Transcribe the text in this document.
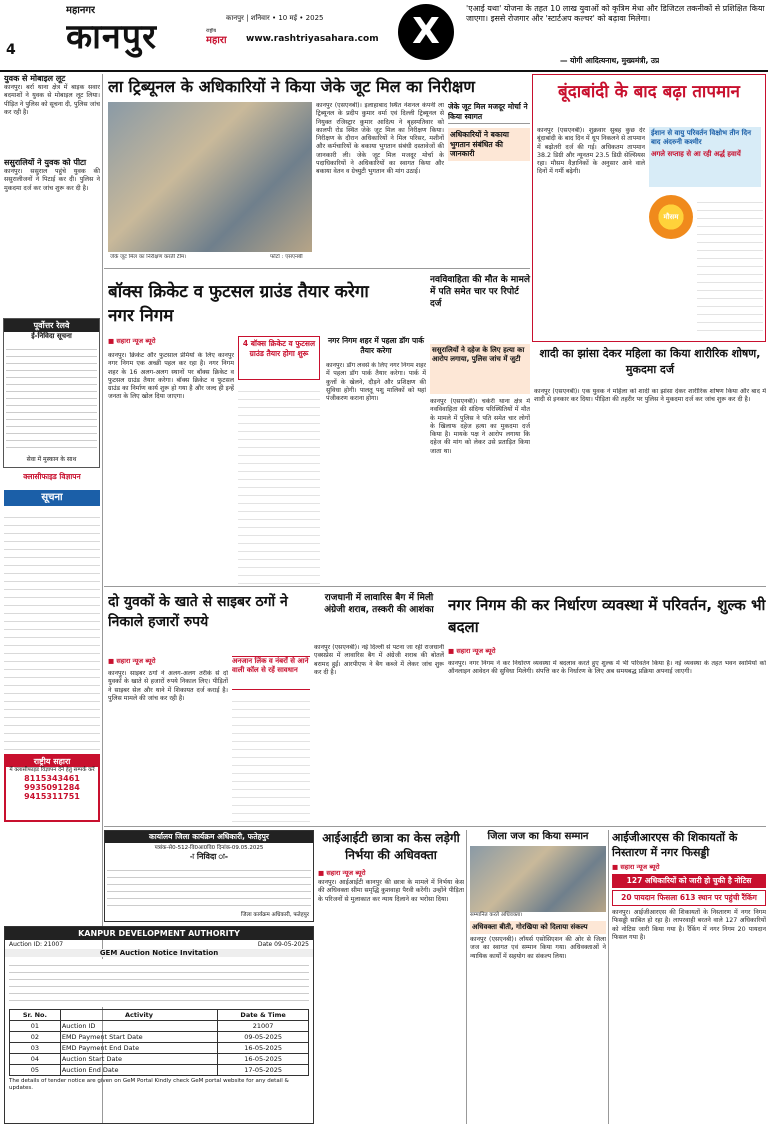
4
महानगर
कानपुर	कानपुर | शनिवार • 10 मई • 2025
राष्ट्रीय
महारा www.rashtriyasahara.com X
'एआई यथा' योजना के तहत 10 लाख युवाओं को कृत्रिम मेधा और डिजिटल तकनीकों से प्रशिक्षित किया जाएगा। इससे रोजगार और 'स्टार्टअप कल्चर' को बढ़ावा मिलेगा।
— योगी आदित्यनाथ, मुख्यमंत्री, उप्र
युवक से मोबाइल लूट
कानपुर। बर्रा थाना क्षेत्र में बाइक सवार बदमाशों ने युवक से मोबाइल लूट लिया। पीड़ित ने पुलिस को सूचना दी, पुलिस जांच कर रही है।
ससुरालियों ने युवक को पीटा
कानपुर। ससुराल पहुंचे युवक की ससुरालीजनों ने पिटाई कर दी। पुलिस ने मुकदमा दर्ज कर जांच शुरू कर दी है।
पूर्वोत्तर रेलवे
ई-निविदा सूचना
सेवा में मुस्कान के साथ
क्लासीफाइड विज्ञापन
सूचना
राष्ट्रीय सहारा
में क्लासीफाइड विज्ञापन देने हेतु सम्पर्क करें
8115343461
9935091284
9415311751
ला ट्रिब्यूनल के अधिकारियों ने किया जेके जूट मिल का निरीक्षण
जेके जूट मिल का निरीक्षण करती टीम।	फोटो : एसएनबी
कानपुर (एसएनबी)। इलाहाबाद स्थित नेशनल कंपनी ला ट्रिब्यूनल के प्रदीप कुमार वर्मा एवं दिल्ली ट्रिब्यूनल से नियुक्त रजिस्ट्रार कुमार आदित्य ने बृहस्पतिवार को कालपी रोड स्थित जेके जूट मिल का निरीक्षण किया। निरीक्षण के दौरान अधिकारियों ने मिल परिसर, मशीनों और कर्मचारियों के बकाया भुगतान संबंधी दस्तावेजों की जानकारी ली। जेके जूट मिल मजदूर मोर्चा के पदाधिकारियों ने अधिकारियों का स्वागत किया और बकाया वेतन व ग्रेच्युटी भुगतान की मांग उठाई।
जेके जूट मिल मजदूर मोर्चा ने किया स्वागत
अधिकारियों ने बकाया भुगतान संबंधित की जानकारी
बूंदाबांदी के बाद बढ़ा तापमान
कानपुर (एसएनबी)। शुक्रवार सुबह कुछ देर बूंदाबांदी के बाद दिन में धूप निकलने से तापमान में बढ़ोतरी दर्ज की गई। अधिकतम तापमान 38.2 डिग्री और न्यूनतम 23.5 डिग्री सेल्सियस रहा। मौसम वैज्ञानिकों के अनुसार आने वाले दिनों में गर्मी बढ़ेगी।
ईशान से वायु परिवर्तन विक्षोभ तीन दिन बाद अंदरुनी कश्मीर
अगले सप्ताह से आ रही अर्द्ध हवायें
मौसम
बॉक्स क्रिकेट व फुटसल ग्राउंड तैयार करेगा नगर निगम
■ सहारा न्यूज ब्यूरो
कानपुर। क्रिकेट और फुटसाल प्रेमियों के लिए कानपुर नगर निगम एक अच्छी पहल कर रहा है। नगर निगम शहर के 16 अलग-अलग स्थानों पर बॉक्स क्रिकेट व फुटसल ग्राउंड तैयार करेगा। बॉक्स क्रिकेट व फुटसल ग्राउंड का निर्माण कार्य शुरू हो गया है और जल्द ही इन्हें जनता के लिए खोल दिया जाएगा।
4 बॉक्स क्रिकेट व फुटसल ग्राउंड तैयार होगा शुरू
नगर निगम शहर में पहला डॉग पार्क तैयार करेगा
कानपुर। डॉग लवर्स के लिए नगर निगम शहर में पहला डॉग पार्क तैयार करेगा। पार्क में कुत्तों के खेलने, दौड़ने और प्रशिक्षण की सुविधा होगी। पालतू पशु मालिकों को यहां पंजीकरण कराना होगा।
नवविवाहिता की मौत के मामले में पति समेत चार पर रिपोर्ट दर्ज
ससुरालियों ने दहेज के लिए हत्या का आरोप लगाया, पुलिस जांच में जुटी
कानपुर (एसएनबी)। चकेरी थाना क्षेत्र में नवविवाहिता की संदिग्ध परिस्थितियों में मौत के मामले में पुलिस ने पति समेत चार लोगों के खिलाफ दहेज हत्या का मुकदमा दर्ज किया है। मायके पक्ष ने आरोप लगाया कि दहेज की मांग को लेकर उसे प्रताड़ित किया जाता था।
शादी का झांसा देकर महिला का किया शारीरिक शोषण, मुकदमा दर्ज
कानपुर (एसएनबी)। एक युवक ने महिला को शादी का झांसा देकर शारीरिक शोषण किया और बाद में शादी से इनकार कर दिया। पीड़िता की तहरीर पर पुलिस ने मुकदमा दर्ज कर जांच शुरू कर दी है।
दो युवकों के खाते से साइबर ठगों ने निकाले हजारों रुपये
■ सहारा न्यूज ब्यूरो	अनजान लिंक व नंबरों से आने वाली कॉल से रहें सावधान
कानपुर। साइबर ठगों ने अलग-अलग तरीके से दो युवकों के खाते से हजारों रुपये निकाल लिए। पीड़ितों ने साइबर सेल और थाने में शिकायत दर्ज कराई है। पुलिस मामले की जांच कर रही है।
राजधानी में लावारिस बैग में मिली अंग्रेजी शराब, तस्करी की आशंका
कानपुर (एसएनबी)। नई दिल्ली से पटना जा रही राजधानी एक्सप्रेस में लावारिस बैग में अंग्रेजी शराब की बोतलें बरामद हुईं। आरपीएफ ने बैग कब्जे में लेकर जांच शुरू कर दी है।
नगर निगम की कर निर्धारण व्यवस्था में परिवर्तन, शुल्क भी बदला
■ सहारा न्यूज ब्यूरो
कानपुर। नगर निगम ने कर निर्धारण व्यवस्था में बदलाव करते हुए शुल्क में भी परिवर्तन किया है। नई व्यवस्था के तहत भवन स्वामियों को ऑनलाइन आवेदन की सुविधा मिलेगी। संपत्ति कर के निर्धारण के लिए अब समयबद्ध प्रक्रिया अपनाई जाएगी।
कार्यालय जिला कार्यक्रम अधिकारी, फतेहपुर
पत्रांक-से0-512-वि0आ0वि0 दिनांक-09.05.2025
-ः निविदा ः-
जिला कार्यक्रम अधिकारी, फतेहपुर
KANPUR DEVELOPMENT AUTHORITY
Auction ID: 21007	Date 09-05-2025
GEM Auction Notice Invitation
Sr. No.	Activity	Date & Time
01	Auction ID	21007
02	EMD Payment Start Date	09-05-2025
03	EMD Payment End Date	16-05-2025
04	Auction Start Date	16-05-2025
05	Auction End Date	17-05-2025
The details of tender notice are given on GeM Portal Kindly check GeM portal website for any detail & updates.
आईआईटी छात्रा का केस लड़ेगी निर्भया की अधिवक्ता
■ सहारा न्यूज ब्यूरो
कानपुर। आईआईटी कानपुर की छात्रा के मामले में निर्भया केस की अधिवक्ता सीमा समृद्धि कुशवाहा पैरवी करेंगी। उन्होंने पीड़िता के परिजनों से मुलाकात कर न्याय दिलाने का भरोसा दिया।
जिला जज का किया सम्मान
सम्मानित करते अधिवक्ता।
अधिवक्ता बीती, गोरखिया को दिलाया संकल्प
कानपुर (एसएनबी)। लॉयर्स एसोसिएशन की ओर से जिला जज का स्वागत एवं सम्मान किया गया। अधिवक्ताओं ने न्यायिक कार्यों में सहयोग का संकल्प लिया।
आईजीआरएस की शिकायतों के निस्तारण में नगर फिसड्डी
■ सहारा न्यूज ब्यूरो
127 अधिकारियों को जारी हो चुकी है नोटिस
20 पायदान फिसला 613 स्थान पर पहुंची रैंकिंग
कानपुर। आईजीआरएस की शिकायतों के निस्तारण में नगर निगम फिसड्डी साबित हो रहा है। लापरवाही बरतने वाले 127 अधिकारियों को नोटिस जारी किया गया है। रैंकिंग में नगर निगम 20 पायदान फिसल गया है।
